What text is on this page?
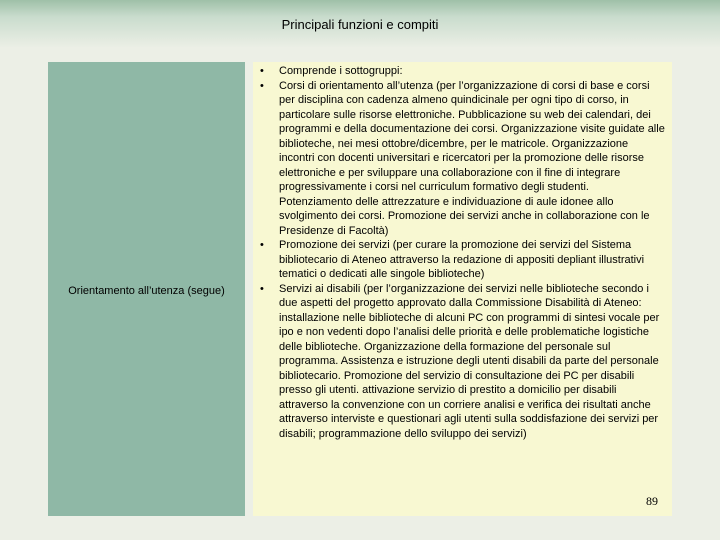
Principali funzioni e compiti
Orientamento all’utenza (segue)
• Comprende i sottogruppi:
• Corsi di orientamento all’utenza (per l’organizzazione di corsi di base e corsi per disciplina con cadenza almeno quindicinale per ogni tipo di corso, in particolare sulle risorse elettroniche. Pubblicazione su web dei calendari, dei programmi e della documentazione dei corsi. Organizzazione visite guidate alle biblioteche, nei mesi ottobre/dicembre, per le matricole. Organizzazione incontri con docenti universitari e ricercatori per la promozione delle risorse elettroniche e per sviluppare una collaborazione con il fine di integrare progressivamente i corsi nel curriculum formativo degli studenti. Potenziamento delle attrezzature e individuazione di aule idonee allo svolgimento dei corsi. Promozione dei servizi anche in collaborazione con le Presidenze di Facoltà)
• Promozione dei servizi (per curare la promozione dei servizi del Sistema bibliotecario di Ateneo attraverso la redazione di appositi depliant illustrativi tematici o dedicati alle singole biblioteche)
• Servizi ai disabili (per l’organizzazione dei servizi nelle biblioteche secondo i due aspetti del progetto approvato dalla Commissione Disabilità di Ateneo: installazione nelle biblioteche di alcuni PC con programmi di sintesi vocale per ipo e non vedenti dopo l’analisi delle priorità e delle problematiche logistiche delle biblioteche. Organizzazione della formazione del personale sul programma. Assistenza e istruzione degli utenti disabili da parte del personale bibliotecario. Promozione del servizio di consultazione dei PC per disabili presso gli utenti. attivazione servizio di prestito a domicilio per disabili attraverso la convenzione con un corriere analisi e verifica dei risultati anche attraverso interviste e questionari agli utenti sulla soddisfazione dei servizi per disabili; programmazione dello sviluppo dei servizi)
89
